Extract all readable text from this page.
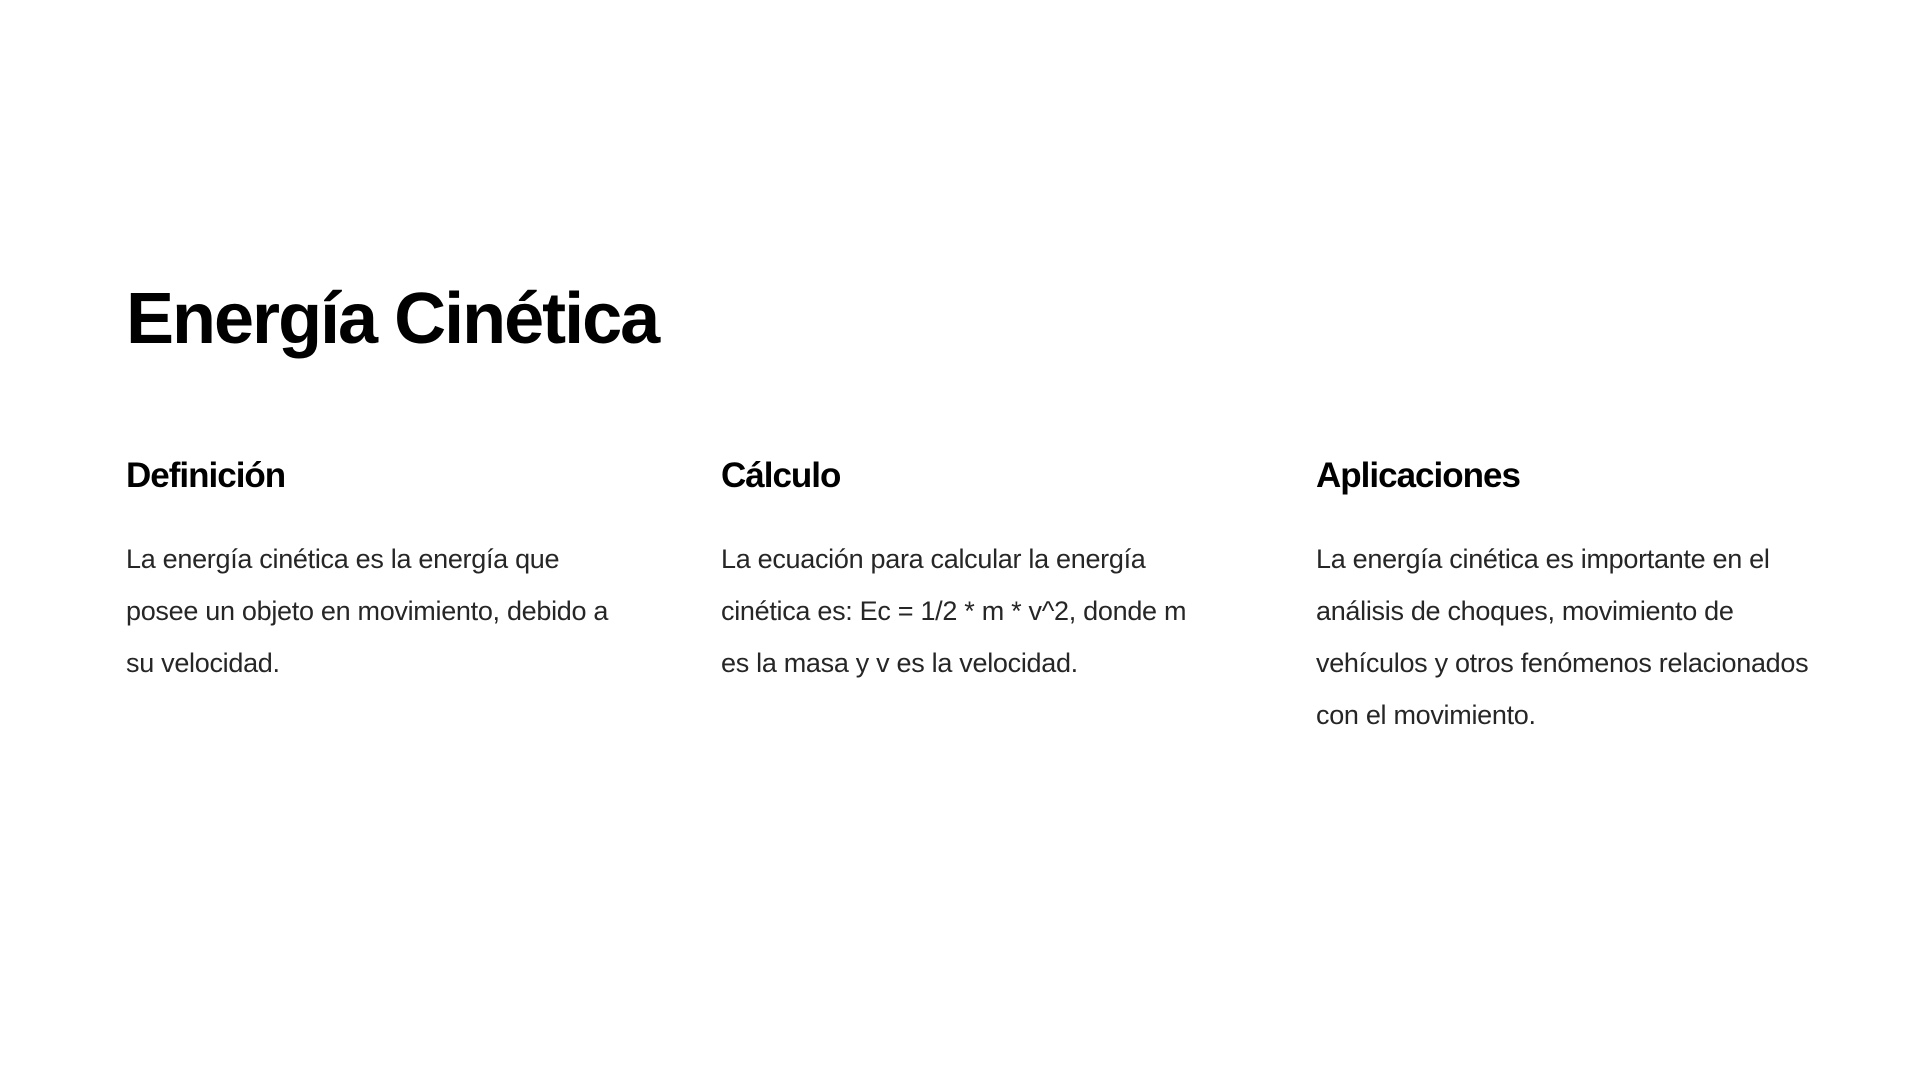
Energía Cinética
Definición

La energía cinética es la energía que posee un objeto en movimiento, debido a su velocidad.

Cálculo

La ecuación para calcular la energía cinética es: Ec = 1/2 * m * v^2, donde m es la masa y v es la velocidad.

Aplicaciones

La energía cinética es importante en el análisis de choques, movimiento de vehículos y otros fenómenos relacionados con el movimiento.
